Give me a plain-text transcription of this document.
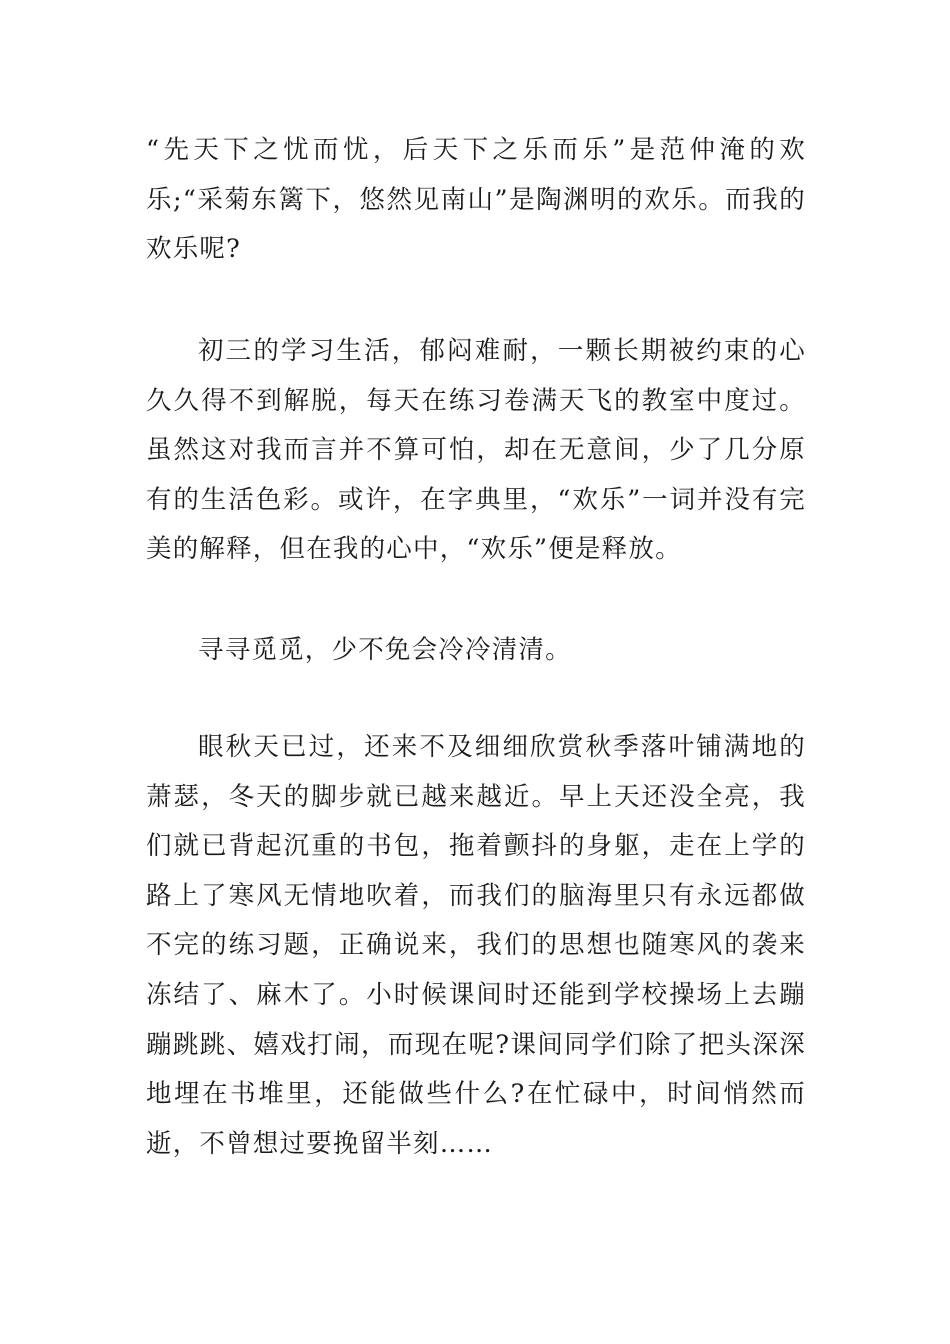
“先天下之忧而忧，后天下之乐而乐”是范仲淹的欢乐;“采菊东篱下，悠然见南山”是陶渊明的欢乐。而我的欢乐呢?

初三的学习生活，郁闷难耐，一颗长期被约束的心久久得不到解脱，每天在练习卷满天飞的教室中度过。虽然这对我而言并不算可怕，却在无意间，少了几分原有的生活色彩。或许，在字典里，“欢乐”一词并没有完美的解释，但在我的心中，“欢乐”便是释放。

寻寻觅觅，少不免会冷冷清清。

眼秋天已过，还来不及细细欣赏秋季落叶铺满地的萧瑟，冬天的脚步就已越来越近。早上天还没全亮，我们就已背起沉重的书包，拖着颤抖的身躯，走在上学的路上了寒风无情地吹着，而我们的脑海里只有永远都做不完的练习题，正确说来，我们的思想也随寒风的袭来冻结了、麻木了。小时候课间时还能到学校操场上去蹦蹦跳跳、嬉戏打闹，而现在呢?课间同学们除了把头深深地埋在书堆里，还能做些什么?在忙碌中，时间悄然而逝，不曾想过要挽留半刻……
